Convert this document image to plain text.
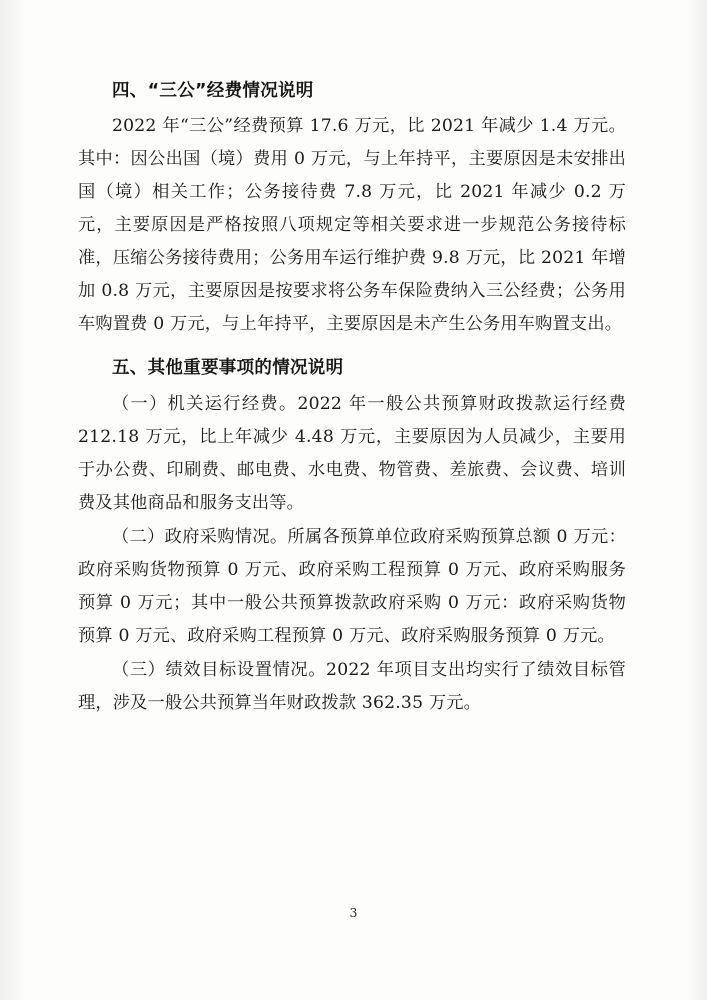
四、“三公”经费情况说明

2022 年“三公”经费预算 17.6 万元，比 2021 年减少 1.4 万元。其中：因公出国（境）费用 0 万元，与上年持平，主要原因是未安排出国（境）相关工作；公务接待费 7.8 万元，比 2021 年减少 0.2 万元，主要原因是严格按照八项规定等相关要求进一步规范公务接待标准，压缩公务接待费用；公务用车运行维护费 9.8 万元，比 2021 年增加 0.8 万元，主要原因是按要求将公务车保险费纳入三公经费；公务用车购置费 0 万元，与上年持平，主要原因是未产生公务用车购置支出。

五、其他重要事项的情况说明

（一）机关运行经费。2022 年一般公共预算财政拨款运行经费 212.18 万元，比上年减少 4.48 万元，主要原因为人员减少，主要用于办公费、印刷费、邮电费、水电费、物管费、差旅费、会议费、培训费及其他商品和服务支出等。

（二）政府采购情况。所属各预算单位政府采购预算总额 0 万元：政府采购货物预算 0 万元、政府采购工程预算 0 万元、政府采购服务预算 0 万元；其中一般公共预算拨款政府采购 0 万元：政府采购货物预算 0 万元、政府采购工程预算 0 万元、政府采购服务预算 0 万元。

（三）绩效目标设置情况。2022 年项目支出均实行了绩效目标管理，涉及一般公共预算当年财政拨款 362.35 万元。

3
